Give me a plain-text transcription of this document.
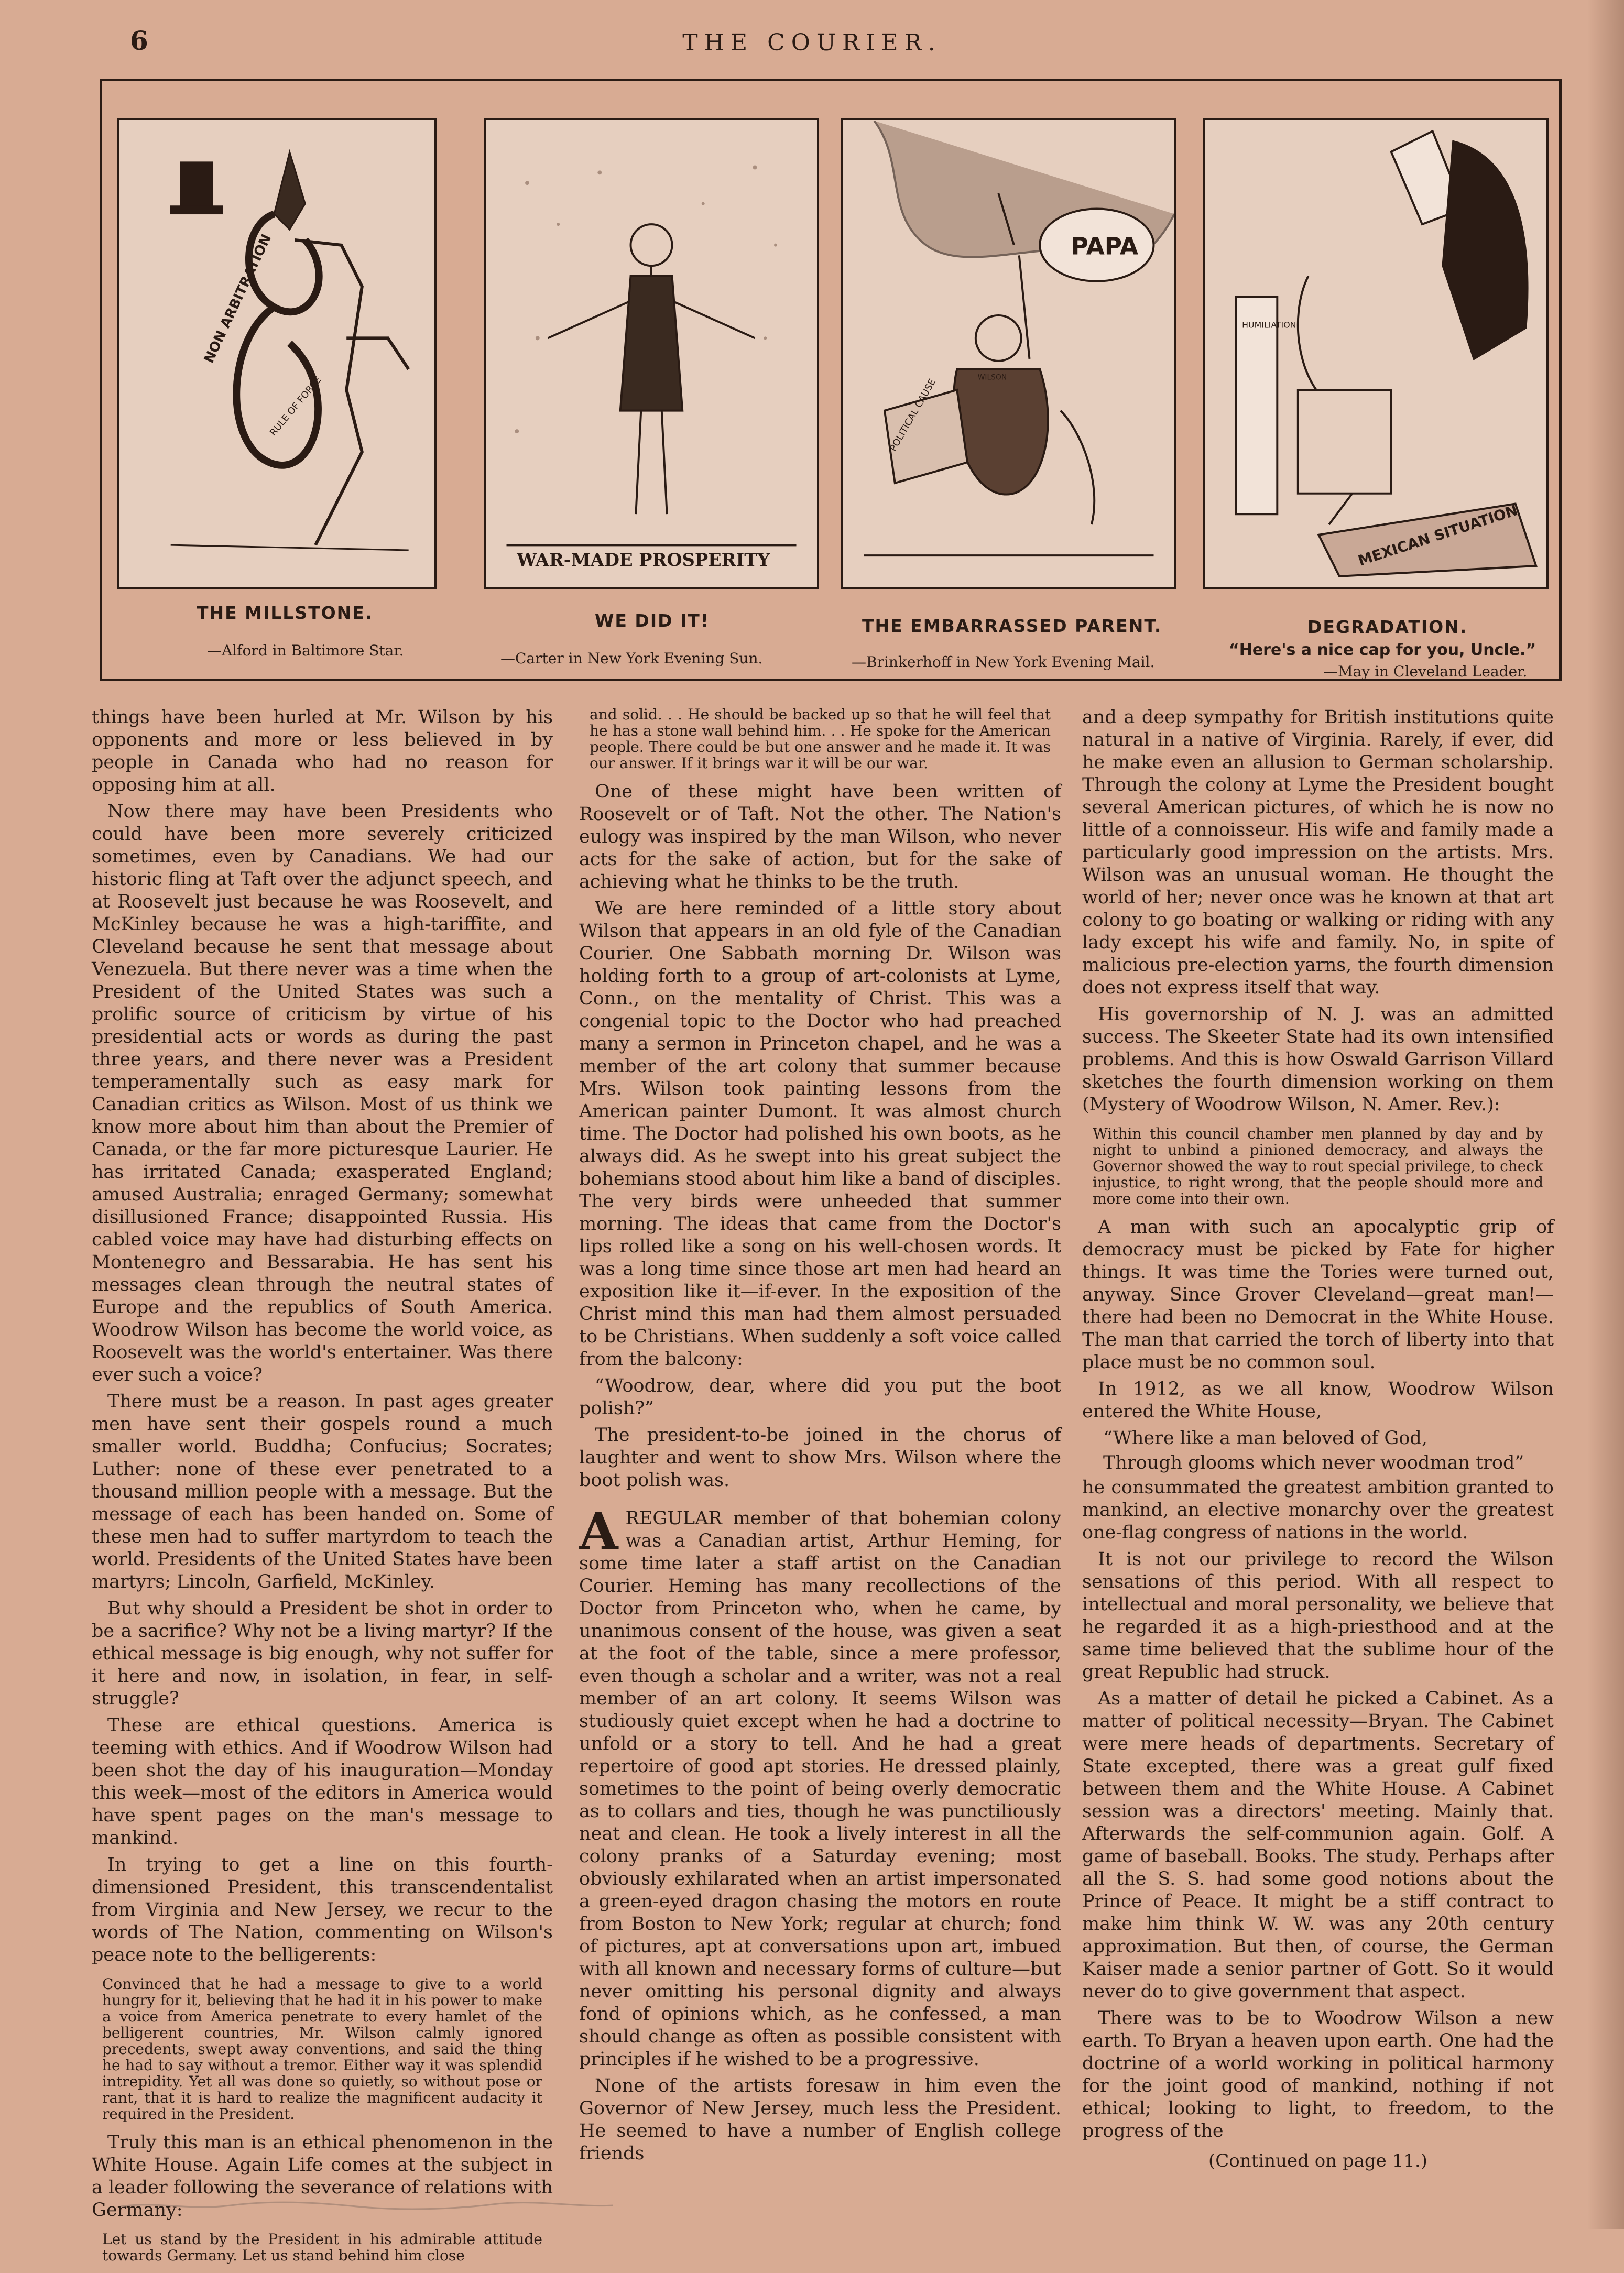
6	THE COURIER.
NON ARBITRATION
RULE OF FORCE
WAR-MADE PROSPERITY
PAPA
POLITICAL CAUSE	WILSON
HUMILIATION
MEXICAN SITUATION
THE MILLSTONE.
—Alford in Baltimore Star.
WE DID IT!
—Carter in New York Evening Sun.
THE EMBARRASSED PARENT.
—Brinkerhoff in New York Evening Mail.
DEGRADATION.
“Here's a nice cap for you, Uncle.”
—May in Cleveland Leader.

things have been hurled at Mr. Wilson by his opponents and more or less believed in by people in Canada who had no reason for opposing him at all.

Now there may have been Presidents who could have been more severely criticized sometimes, even by Canadians. We had our historic fling at Taft over the adjunct speech, and at Roosevelt just because he was Roosevelt, and McKinley because he was a high-tariffite, and Cleveland because he sent that message about Venezuela. But there never was a time when the President of the United States was such a prolific source of criticism by virtue of his presidential acts or words as during the past three years, and there never was a President temperamentally such as easy mark for Canadian critics as Wilson. Most of us think we know more about him than about the Premier of Canada, or the far more picturesque Laurier. He has irritated Canada; exasperated England; amused Australia; enraged Germany; somewhat disillusioned France; disappointed Russia. His cabled voice may have had disturbing effects on Montenegro and Bessarabia. He has sent his messages clean through the neutral states of Europe and the republics of South America. Woodrow Wilson has become the world voice, as Roosevelt was the world's entertainer. Was there ever such a voice?

There must be a reason. In past ages greater men have sent their gospels round a much smaller world. Buddha; Confucius; Socrates; Luther: none of these ever penetrated to a thousand million people with a message. But the message of each has been handed on. Some of these men had to suffer martyrdom to teach the world. Presidents of the United States have been martyrs; Lincoln, Garfield, McKinley.

But why should a President be shot in order to be a sacrifice? Why not be a living martyr? If the ethical message is big enough, why not suffer for it here and now, in isolation, in fear, in self-struggle?

These are ethical questions. America is teeming with ethics. And if Woodrow Wilson had been shot the day of his inauguration—Monday this week—most of the editors in America would have spent pages on the man's message to mankind.

In trying to get a line on this fourth-dimensioned President, this transcendentalist from Virginia and New Jersey, we recur to the words of The Nation, commenting on Wilson's peace note to the belligerents:

Convinced that he had a message to give to a world hungry for it, believing that he had it in his power to make a voice from America penetrate to every hamlet of the belligerent countries, Mr. Wilson calmly ignored precedents, swept away conventions, and said the thing he had to say without a tremor. Either way it was splendid intrepidity. Yet all was done so quietly, so without pose or rant, that it is hard to realize the magnificent audacity it required in the President.

Truly this man is an ethical phenomenon in the White House. Again Life comes at the subject in a leader following the severance of relations with Germany:

Let us stand by the President in his admirable attitude towards Germany. Let us stand behind him close
and solid. . . He should be backed up so that he will feel that he has a stone wall behind him. . . He spoke for the American people. There could be but one answer and he made it. It was our answer. If it brings war it will be our war.

One of these might have been written of Roosevelt or of Taft. Not the other. The Nation's eulogy was inspired by the man Wilson, who never acts for the sake of action, but for the sake of achieving what he thinks to be the truth.

We are here reminded of a little story about Wilson that appears in an old fyle of the Canadian Courier. One Sabbath morning Dr. Wilson was holding forth to a group of art-colonists at Lyme, Conn., on the mentality of Christ. This was a congenial topic to the Doctor who had preached many a sermon in Princeton chapel, and he was a member of the art colony that summer because Mrs. Wilson took painting lessons from the American painter Dumont. It was almost church time. The Doctor had polished his own boots, as he always did. As he swept into his great subject the bohemians stood about him like a band of disciples. The very birds were unheeded that summer morning. The ideas that came from the Doctor's lips rolled like a song on his well-chosen words. It was a long time since those art men had heard an exposition like it—if-ever. In the exposition of the Christ mind this man had them almost persuaded to be Christians. When suddenly a soft voice called from the balcony:

“Woodrow, dear, where did you put the boot polish?”

The president-to-be joined in the chorus of laughter and went to show Mrs. Wilson where the boot polish was.

AREGULAR member of that bohemian colony was a Canadian artist, Arthur Heming, for some time later a staff artist on the Canadian Courier. Heming has many recollections of the Doctor from Princeton who, when he came, by unanimous consent of the house, was given a seat at the foot of the table, since a mere professor, even though a scholar and a writer, was not a real member of an art colony. It seems Wilson was studiously quiet except when he had a doctrine to unfold or a story to tell. And he had a great repertoire of good apt stories. He dressed plainly, sometimes to the point of being overly democratic as to collars and ties, though he was punctiliously neat and clean. He took a lively interest in all the colony pranks of a Saturday evening; most obviously exhilarated when an artist impersonated a green-eyed dragon chasing the motors en route from Boston to New York; regular at church; fond of pictures, apt at conversations upon art, imbued with all known and necessary forms of culture—but never omitting his personal dignity and always fond of opinions which, as he confessed, a man should change as often as possible consistent with principles if he wished to be a progressive.

None of the artists foresaw in him even the Governor of New Jersey, much less the President. He seemed to have a number of English college friends

and a deep sympathy for British institutions quite natural in a native of Virginia. Rarely, if ever, did he make even an allusion to German scholarship. Through the colony at Lyme the President bought several American pictures, of which he is now no little of a connoisseur. His wife and family made a particularly good impression on the artists. Mrs. Wilson was an unusual woman. He thought the world of her; never once was he known at that art colony to go boating or walking or riding with any lady except his wife and family. No, in spite of malicious pre-election yarns, the fourth dimension does not express itself that way.

His governorship of N. J. was an admitted success. The Skeeter State had its own intensified problems. And this is how Oswald Garrison Villard sketches the fourth dimension working on them (Mystery of Woodrow Wilson, N. Amer. Rev.):

Within this council chamber men planned by day and by night to unbind a pinioned democracy, and always the Governor showed the way to rout special privilege, to check injustice, to right wrong, that the people should more and more come into their own.

A man with such an apocalyptic grip of democracy must be picked by Fate for higher things. It was time the Tories were turned out, anyway. Since Grover Cleveland—great man!—there had been no Democrat in the White House. The man that carried the torch of liberty into that place must be no common soul.

In 1912, as we all know, Woodrow Wilson entered the White House,

“Where like a man beloved of God,
Through glooms which never woodman trod”

he consummated the greatest ambition granted to mankind, an elective monarchy over the greatest one-flag congress of nations in the world.

It is not our privilege to record the Wilson sensations of this period. With all respect to intellectual and moral personality, we believe that he regarded it as a high-priesthood and at the same time believed that the sublime hour of the great Republic had struck.

As a matter of detail he picked a Cabinet. As a matter of political necessity—Bryan. The Cabinet were mere heads of departments. Secretary of State excepted, there was a great gulf fixed between them and the White House. A Cabinet session was a directors' meeting. Mainly that. Afterwards the self-communion again. Golf. A game of baseball. Books. The study. Perhaps after all the S. S. had some good notions about the Prince of Peace. It might be a stiff contract to make him think W. W. was any 20th century approximation. But then, of course, the German Kaiser made a senior partner of Gott. So it would never do to give government that aspect.

There was to be to Woodrow Wilson a new earth. To Bryan a heaven upon earth. One had the doctrine of a world working in political harmony for the joint good of mankind, nothing if not ethical; looking to light, to freedom, to the progress of the

(Continued on page 11.)
